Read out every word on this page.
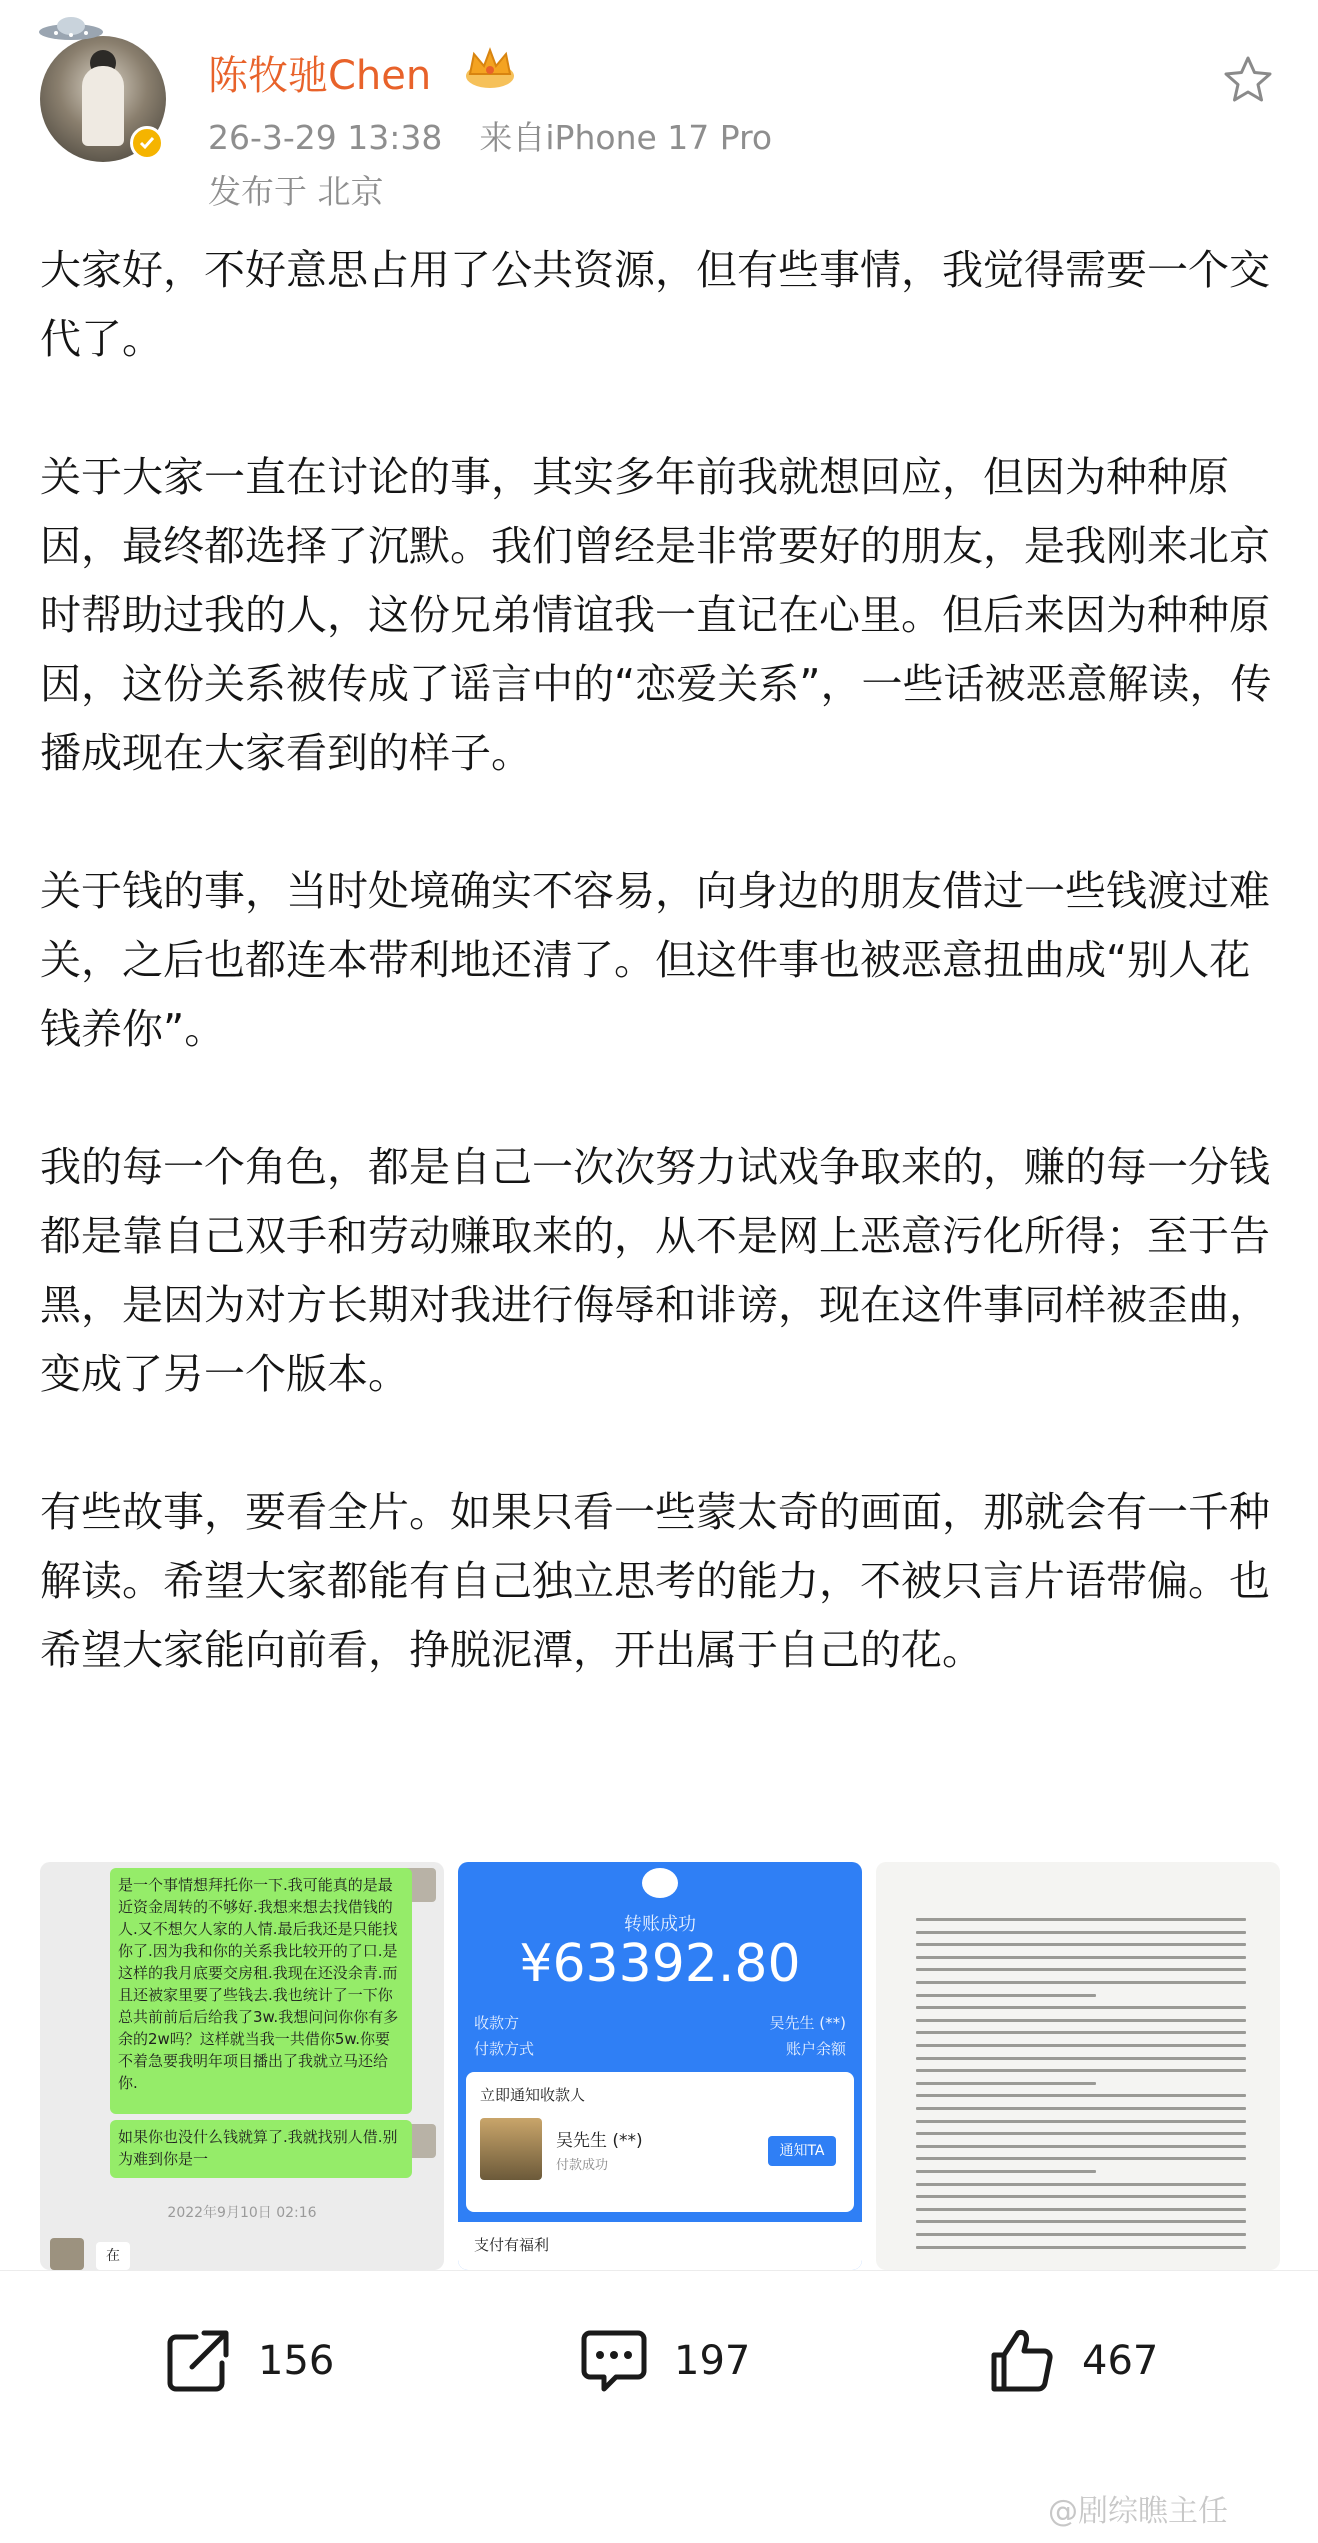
陈牧驰Chen
26-3-29 13:38 来自iPhone 17 Pro
发布于 北京

大家好，不好意思占用了公共资源，但有些事情，我觉得需要一个交代了。

关于大家一直在讨论的事，其实多年前我就想回应，但因为种种原因，最终都选择了沉默。我们曾经是非常要好的朋友，是我刚来北京时帮助过我的人，这份兄弟情谊我一直记在心里。但后来因为种种原因，这份关系被传成了谣言中的“恋爱关系”，一些话被恶意解读，传播成现在大家看到的样子。

关于钱的事，当时处境确实不容易，向身边的朋友借过一些钱渡过难关，之后也都连本带利地还清了。但这件事也被恶意扭曲成“别人花钱养你”。

我的每一个角色，都是自己一次次努力试戏争取来的，赚的每一分钱都是靠自己双手和劳动赚取来的，从不是网上恶意污化所得；至于告黑，是因为对方长期对我进行侮辱和诽谤，现在这件事同样被歪曲，变成了另一个版本。

有些故事，要看全片。如果只看一些蒙太奇的画面，那就会有一千种解读。希望大家都能有自己独立思考的能力，不被只言片语带偏。也希望大家能向前看，挣脱泥潭，开出属于自己的花。

是一个事情想拜托你一下.我可能真的是最近资金周转的不够好.我想来想去找借钱的人.又不想欠人家的人情.最后我还是只能找你了.因为我和你的关系我比较开的了口.是这样的我月底要交房租.我现在还没余青.而且还被家里要了些钱去.我也统计了一下你总共前前后后给我了3w.我想问问你你有多余的2w吗？这样就当我一共借你5w.你要不着急要我明年项目播出了我就立马还给你.
如果你也没什么钱就算了.我就找别人借.别为难到你是一
2022年9月10日 02:16
在
转账成功
¥63392.80
收款方	吴先生 (**)
付款方式	账户余额
立即通知收款人
吴先生 (**)
付款成功
通知TA
支付有福利
156	197	467
@剧综瞧主任
